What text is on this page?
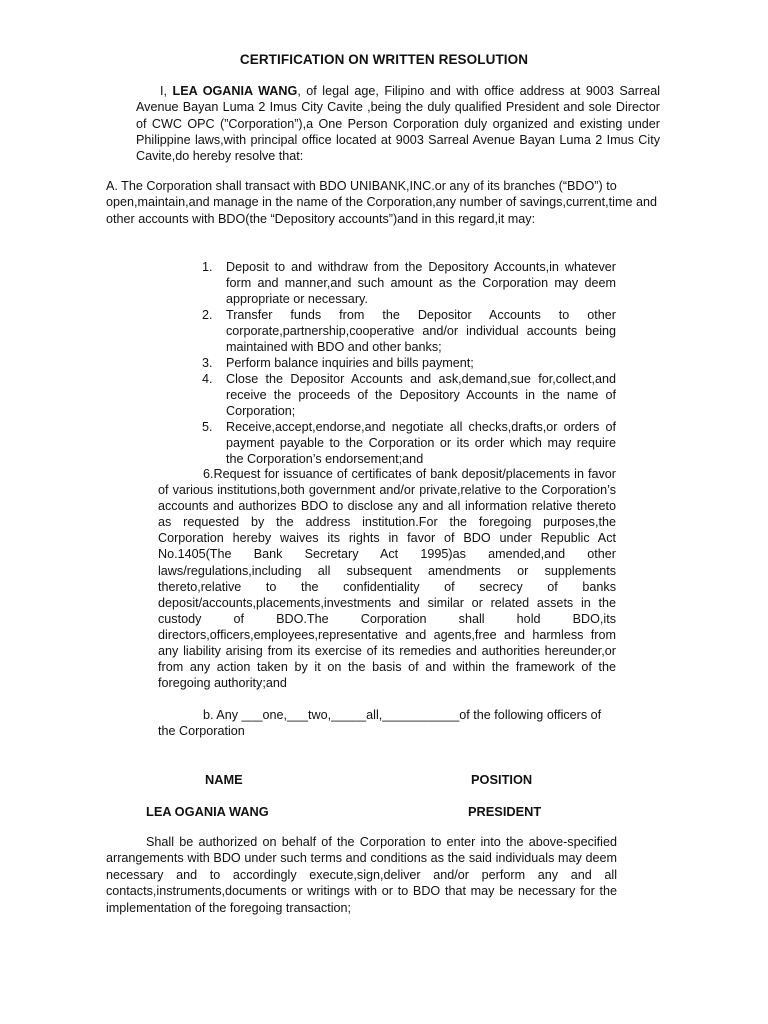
CERTIFICATION ON WRITTEN RESOLUTION
I, LEA OGANIA WANG, of legal age, Filipino and with office address at 9003 Sarreal Avenue Bayan Luma 2 Imus City Cavite ,being the duly qualified President and sole Director of CWC OPC (”Corporation”),a One Person Corporation duly organized and existing under Philippine laws,with principal office located at 9003 Sarreal Avenue Bayan Luma 2 Imus City Cavite,do hereby resolve that:
A. The Corporation shall transact with BDO UNIBANK,INC.or any of its branches (“BDO”) to open,maintain,and manage in the name of the Corporation,any number of savings,current,time and other accounts with BDO(the “Depository accounts”)and in this regard,it may:
1.	Deposit to and withdraw from the Depository Accounts,in whatever form and manner,and such amount as the Corporation may deem appropriate or necessary.
2.	Transfer funds from the Depositor Accounts to other corporate,partnership,cooperative and/or individual accounts being maintained with BDO and other banks;
3.	Perform balance inquiries and bills payment;
4.	Close the Depositor Accounts and ask,demand,sue for,collect,and receive the proceeds of the Depository Accounts in the name of Corporation;
5.	Receive,accept,endorse,and negotiate all checks,drafts,or orders of payment payable to the Corporation or its order which may require the Corporation’s endorsement;and
6.Request for issuance of certificates of bank deposit/placements in favor of various institutions,both government and/or private,relative to the Corporation’s accounts and authorizes BDO to disclose any and all information relative thereto as requested by the address institution.For the foregoing purposes,the Corporation hereby waives its rights in favor of BDO under Republic Act No.1405(The Bank Secretary Act 1995)as amended,and other laws/regulations,including all subsequent amendments or supplements thereto,relative to the confidentiality of secrecy of banks deposit/accounts,placements,investments and similar or related assets in the custody of BDO.The Corporation shall hold BDO,its directors,officers,employees,representative and agents,free and harmless from any liability arising from its exercise of its remedies and authorities hereunder,or from any action taken by it on the basis of and within the framework of the foregoing authority;and
b. Any ___one,___two,_____all,___________of the following officers of the Corporation
NAME	POSITION
LEA OGANIA WANG	PRESIDENT
Shall be authorized on behalf of the Corporation to enter into the above-specified arrangements with BDO under such terms and conditions as the said individuals may deem necessary and to accordingly execute,sign,deliver and/or perform any and all contacts,instruments,documents or writings with or to BDO that may be necessary for the implementation of the foregoing transaction;
